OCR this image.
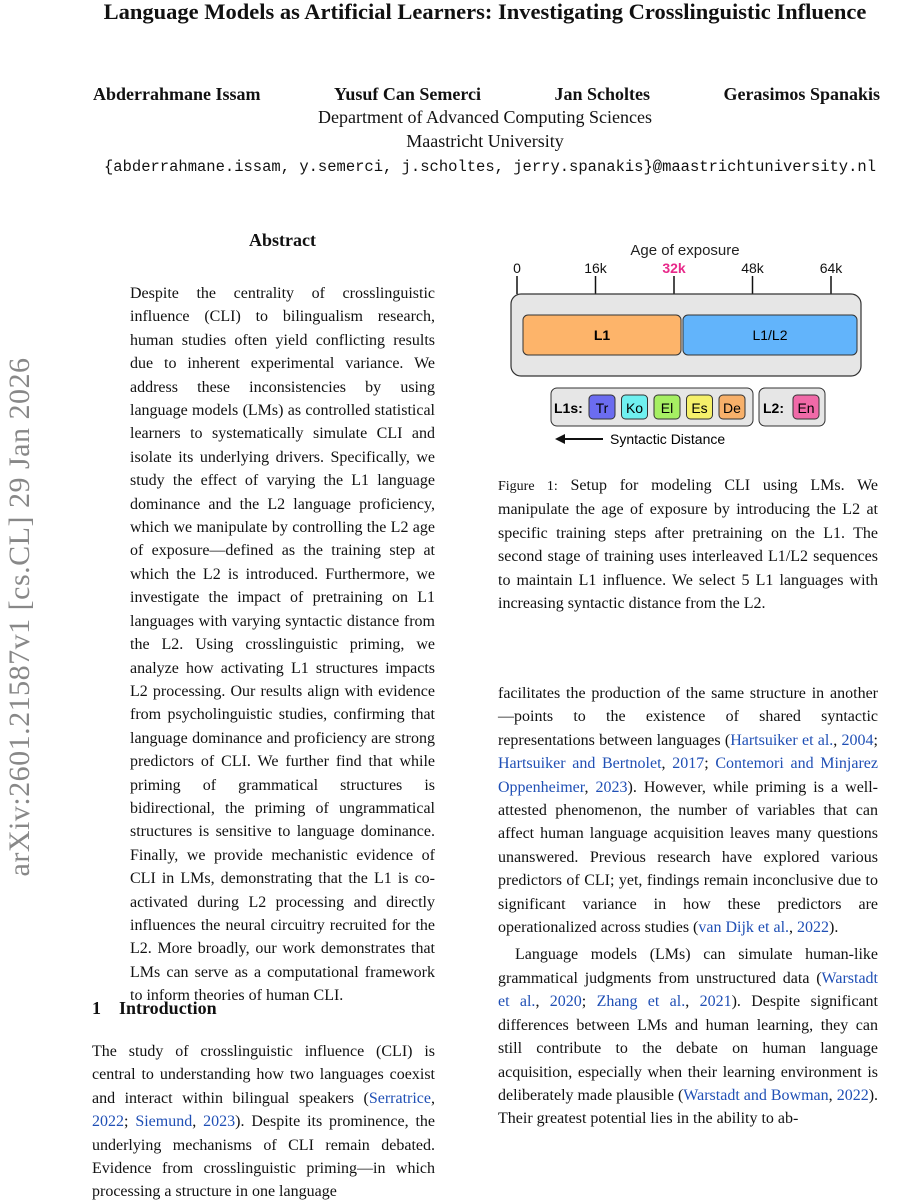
arXiv:2601.21587v1 [cs.CL] 29 Jan 2026
Language Models as Artificial Learners: Investigating Crosslinguistic Influence
Abderrahmane Issam	Yusuf Can Semerci	Jan Scholtes	Gerasimos Spanakis
Department of Advanced Computing Sciences
Maastricht University
{abderrahmane.issam, y.semerci, j.scholtes, jerry.spanakis}@maastrichtuniversity.nl
Abstract
Despite the centrality of crosslinguistic influence (CLI) to bilingualism research, human studies often yield conflicting results due to inherent experimental variance. We address these inconsistencies by using language models (LMs) as controlled statistical learners to systematically simulate CLI and isolate its underlying drivers. Specifically, we study the effect of varying the L1 language dominance and the L2 language proficiency, which we manipulate by controlling the L2 age of exposure—defined as the training step at which the L2 is introduced. Furthermore, we investigate the impact of pretraining on L1 languages with varying syntactic distance from the L2. Using crosslinguistic priming, we analyze how activating L1 structures impacts L2 processing. Our results align with evidence from psycholinguistic studies, confirming that language dominance and proficiency are strong predictors of CLI. We further find that while priming of grammatical structures is bidirectional, the priming of ungrammatical structures is sensitive to language dominance. Finally, we provide mechanistic evidence of CLI in LMs, demonstrating that the L1 is co-activated during L2 processing and directly influences the neural circuitry recruited for the L2. More broadly, our work demonstrates that LMs can serve as a computational framework to inform theories of human CLI.
1 Introduction
The study of crosslinguistic influence (CLI) is central to understanding how two languages coexist and interact within bilingual speakers (Serratrice, 2022; Siemund, 2023). Despite its prominence, the underlying mechanisms of CLI remain debated. Evidence from crosslinguistic priming—in which processing a structure in one language
Age of exposure
0	16k	32k	48k	64k
L1	L1/L2
L1s: Tr Ko El Es De L2: En
Syntactic Distance
Figure 1: Setup for modeling CLI using LMs. We manipulate the age of exposure by introducing the L2 at specific training steps after pretraining on the L1. The second stage of training uses interleaved L1/L2 sequences to maintain L1 influence. We select 5 L1 languages with increasing syntactic distance from the L2.

facilitates the production of the same structure in another—points to the existence of shared syntactic representations between languages (Hartsuiker et al., 2004; Hartsuiker and Bertnolet, 2017; Contemori and Minjarez Oppenheimer, 2023). However, while priming is a well-attested phenomenon, the number of variables that can affect human language acquisition leaves many questions unanswered. Previous research have explored various predictors of CLI; yet, findings remain inconclusive due to significant variance in how these predictors are operationalized across studies (van Dijk et al., 2022).

Language models (LMs) can simulate human-like grammatical judgments from unstructured data (Warstadt et al., 2020; Zhang et al., 2021). Despite significant differences between LMs and human learning, they can still contribute to the debate on human language acquisition, especially when their learning environment is deliberately made plausible (Warstadt and Bowman, 2022). Their greatest potential lies in the ability to ab-
